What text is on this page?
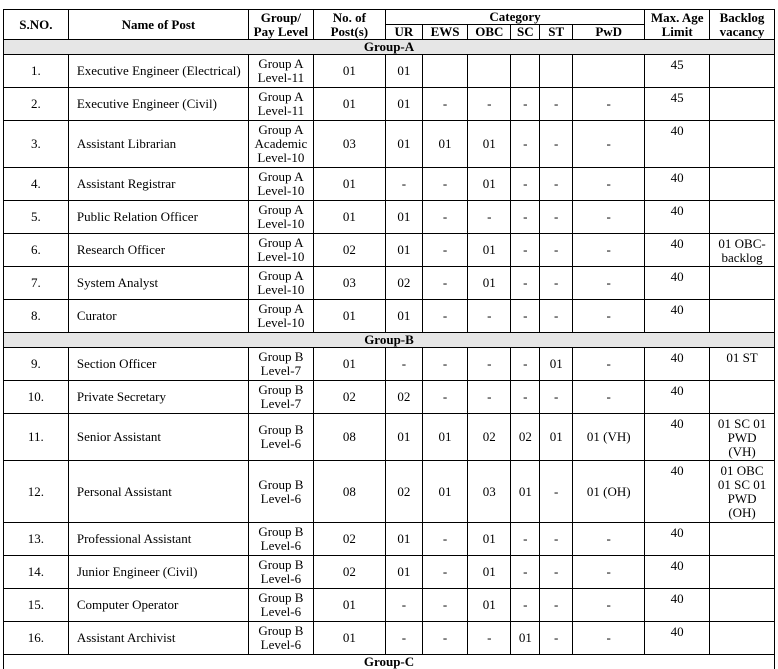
S.NO.	Name of Post	Group/ Pay Level	No. of Post(s)	Category						Max. Age Limit	Backlog vacancy
				UR	EWS	OBC	SC	ST	PwD		
Group-A											
1.	Executive Engineer (Electrical)	Group A Level-11	01	01						45	
2.	Executive Engineer (Civil)	Group A Level-11	01	01	-	-	-	-	-	45	
3.	Assistant Librarian	Group A Academic Level-10	03	01	01	01	-	-	-	40	
4.	Assistant Registrar	Group A Level-10	01	-	-	01	-	-	-	40	
5.	Public Relation Officer	Group A Level-10	01	01	-	-	-	-	-	40	
6.	Research Officer	Group A Level-10	02	01	-	01	-	-	-	40	01 OBC-backlog
7.	System Analyst	Group A Level-10	03	02	-	01	-	-	-	40	
8.	Curator	Group A Level-10	01	01	-	-	-	-	-	40	
Group-B											
9.	Section Officer	Group B Level-7	01	-	-	-	-	01	-	40	01 ST
10.	Private Secretary	Group B Level-7	02	02	-	-	-	-	-	40	
11.	Senior Assistant	Group B Level-6	08	01	01	02	02	01	01 (VH)	40	01 SC 01 PWD (VH)
12.	Personal Assistant	Group B Level-6	08	02	01	03	01	-	01 (OH)	40	01 OBC 01 SC 01 PWD (OH)
13.	Professional Assistant	Group B Level-6	02	01	-	01	-	-	-	40	
14.	Junior Engineer (Civil)	Group B Level-6	02	01	-	01	-	-	-	40	
15.	Computer Operator	Group B Level-6	01	-	-	01	-	-	-	40	
16.	Assistant Archivist	Group B Level-6	01	-	-	-	01	-	-	40	
Group-C											
